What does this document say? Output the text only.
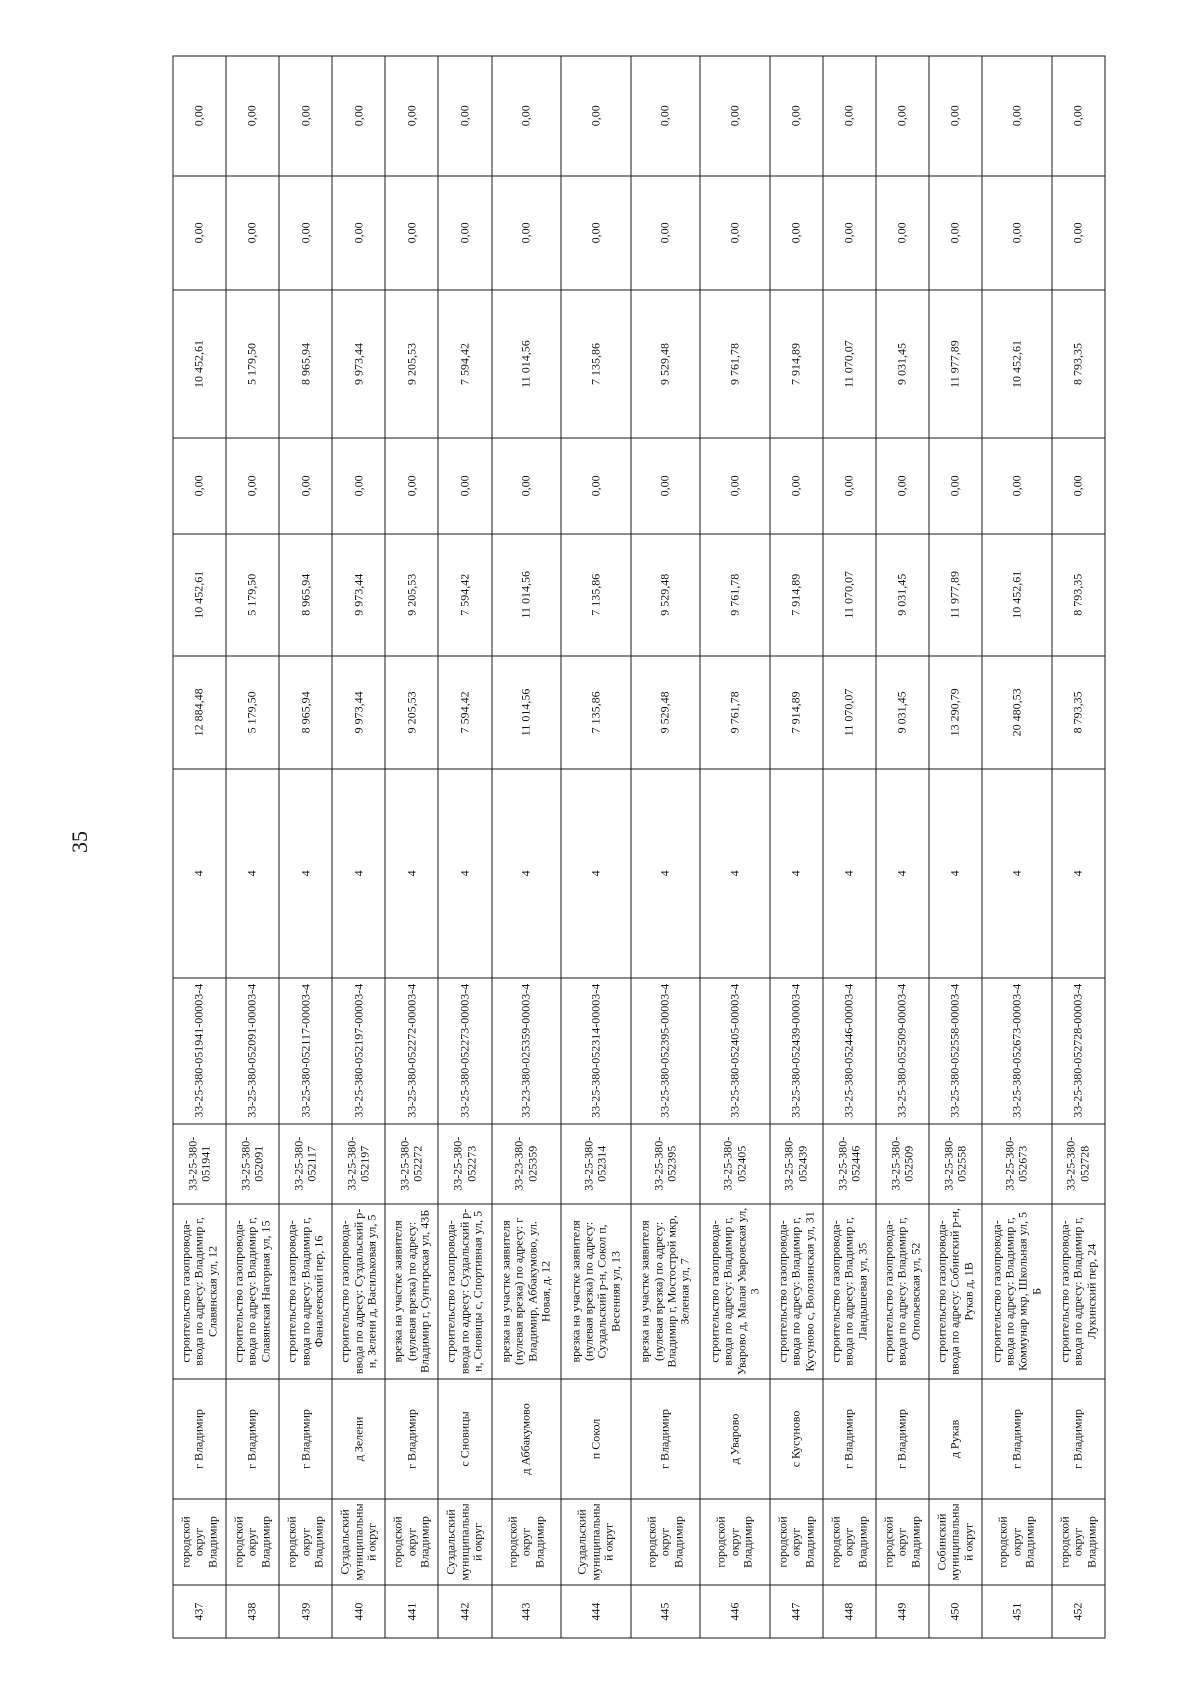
35
437	городской округ Владимир	г Владимир	строительство газопровода-ввода по адресу: Владимир г, Славянская ул, 12	33-25-380-051941	33-25-380-051941-00003-4	4	12 884,48	10 452,61	0,00	10 452,61	0,00	0,00
438	городской округ Владимир	г Владимир	строительство газопровода-ввода по адресу: Владимир г, Славянская Нагорная ул, 15	33-25-380-052091	33-25-380-052091-00003-4	4	5 179,50	5 179,50	0,00	5 179,50	0,00	0,00
439	городской округ Владимир	г Владимир	строительство газопровода-ввода по адресу: Владимир г, Фаналеевский пер, 16	33-25-380-052117	33-25-380-052117-00003-4	4	8 965,94	8 965,94	0,00	8 965,94	0,00	0,00
440	Суздальский муниципальный округ	д Зелени	строительство газопровода-ввода по адресу: Суздальский р-н, Зелени д, Васильковая ул, 5	33-25-380-052197	33-25-380-052197-00003-4	4	9 973,44	9 973,44	0,00	9 973,44	0,00	0,00
441	городской округ Владимир	г Владимир	врезка на участке заявителя (нулевая врезка) по адресу: Владимир г, Сунгирская ул, 43Б	33-25-380-052272	33-25-380-052272-00003-4	4	9 205,53	9 205,53	0,00	9 205,53	0,00	0,00
442	Суздальский муниципальный округ	с Сновицы	строительство газопровода-ввода по адресу: Суздальский р-н, Сновицы с, Спортивная ул, 5	33-25-380-052273	33-25-380-052273-00003-4	4	7 594,42	7 594,42	0,00	7 594,42	0,00	0,00
443	городской округ Владимир	д Аббакумово	врезка на участке заявителя (нулевая врезка) по адресу: г Владимир, Аббакумово, ул. Новая, д. 12	33-23-380-025359	33-23-380-025359-00003-4	4	11 014,56	11 014,56	0,00	11 014,56	0,00	0,00
444	Суздальский муниципальный округ	п Сокол	врезка на участке заявителя (нулевая врезка) по адресу: Суздальский р-н, Сокол п, Весенняя ул, 13	33-25-380-052314	33-25-380-052314-00003-4	4	7 135,86	7 135,86	0,00	7 135,86	0,00	0,00
445	городской округ Владимир	г Владимир	врезка на участке заявителя (нулевая врезка) по адресу: Владимир г, Мостострой мкр, Зеленая ул, 7	33-25-380-052395	33-25-380-052395-00003-4	4	9 529,48	9 529,48	0,00	9 529,48	0,00	0,00
446	городской округ Владимир	д Уварово	строительство газопровода-ввода по адресу: Владимир г, Уварово д, Малая Уваровская ул, 3	33-25-380-052405	33-25-380-052405-00003-4	4	9 761,78	9 761,78	0,00	9 761,78	0,00	0,00
447	городской округ Владимир	с Кусуново	строительство газопровода-ввода по адресу: Владимир г, Кусуново с, Волозинская ул, 31	33-25-380-052439	33-25-380-052439-00003-4	4	7 914,89	7 914,89	0,00	7 914,89	0,00	0,00
448	городской округ Владимир	г Владимир	строительство газопровода-ввода по адресу: Владимир г, Ландышевая ул, 35	33-25-380-052446	33-25-380-052446-00003-4	4	11 070,07	11 070,07	0,00	11 070,07	0,00	0,00
449	городской округ Владимир	г Владимир	строительство газопровода-ввода по адресу: Владимир г, Опольевская ул, 52	33-25-380-052509	33-25-380-052509-00003-4	4	9 031,45	9 031,45	0,00	9 031,45	0,00	0,00
450	Собинский муниципальный округ	д Рукав	строительство газопровода-ввода по адресу: Собинский р-н, Рукав д, 1В	33-25-380-052558	33-25-380-052558-00003-4	4	13 290,79	11 977,89	0,00	11 977,89	0,00	0,00
451	городской округ Владимир	г Владимир	строительство газопровода-ввода по адресу: Владимир г, Коммунар мкр, Школьная ул, 5 Б	33-25-380-052673	33-25-380-052673-00003-4	4	20 480,53	10 452,61	0,00	10 452,61	0,00	0,00
452	городской округ Владимир	г Владимир	строительство газопровода-ввода по адресу: Владимир г, Лукинский пер, 24	33-25-380-052728	33-25-380-052728-00003-4	4	8 793,35	8 793,35	0,00	8 793,35	0,00	0,00
